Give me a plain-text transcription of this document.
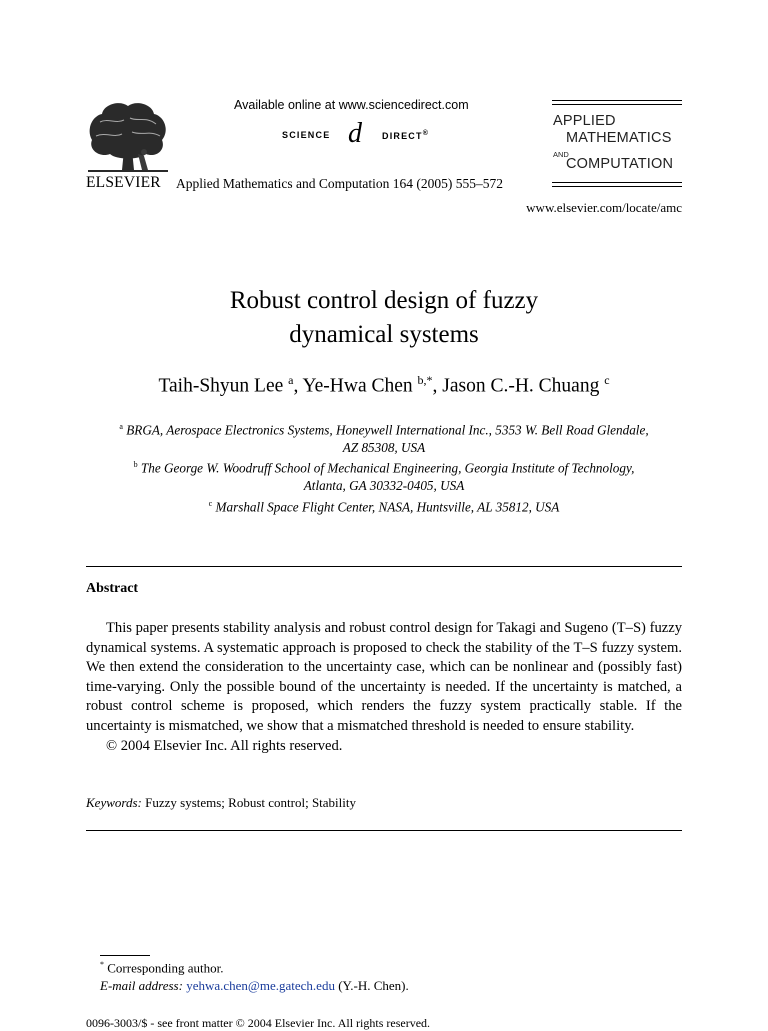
ELSEVIER
Available online at www.sciencedirect.com
SCIENCE d DIRECT®
Applied Mathematics and Computation 164 (2005) 555–572
APPLIED
MATHEMATICS
AND
COMPUTATION
www.elsevier.com/locate/amc
Robust control design of fuzzy
dynamical systems
Taih-Shyun Lee $^a$, Ye-Hwa Chen $^{b,*}$, Jason C.-H. Chuang $^c$
$^a$ BRGA, Aerospace Electronics Systems, Honeywell International Inc., 5353 W. Bell Road Glendale,
AZ 85308, USA
$^b$ The George W. Woodruff School of Mechanical Engineering, Georgia Institute of Technology,
Atlanta, GA 30332-0405, USA
$^c$ Marshall Space Flight Center, NASA, Huntsville, AL 35812, USA
Abstract
This paper presents stability analysis and robust control design for Takagi and Sugeno (T–S) fuzzy dynamical systems. A systematic approach is proposed to check the stability of the T–S fuzzy system. We then extend the consideration to the uncertainty case, which can be nonlinear and (possibly fast) time-varying. Only the possible bound of the uncertainty is needed. If the uncertainty is matched, a robust control scheme is proposed, which renders the fuzzy system practically stable. If the uncertainty is mismatched, we show that a mismatched threshold is needed to ensure stability.
© 2004 Elsevier Inc. All rights reserved.
Keywords: Fuzzy systems; Robust control; Stability
* Corresponding author.
E-mail address: yehwa.chen@me.gatech.edu (Y.-H. Chen).
0096-3003/$ - see front matter © 2004 Elsevier Inc. All rights reserved.
